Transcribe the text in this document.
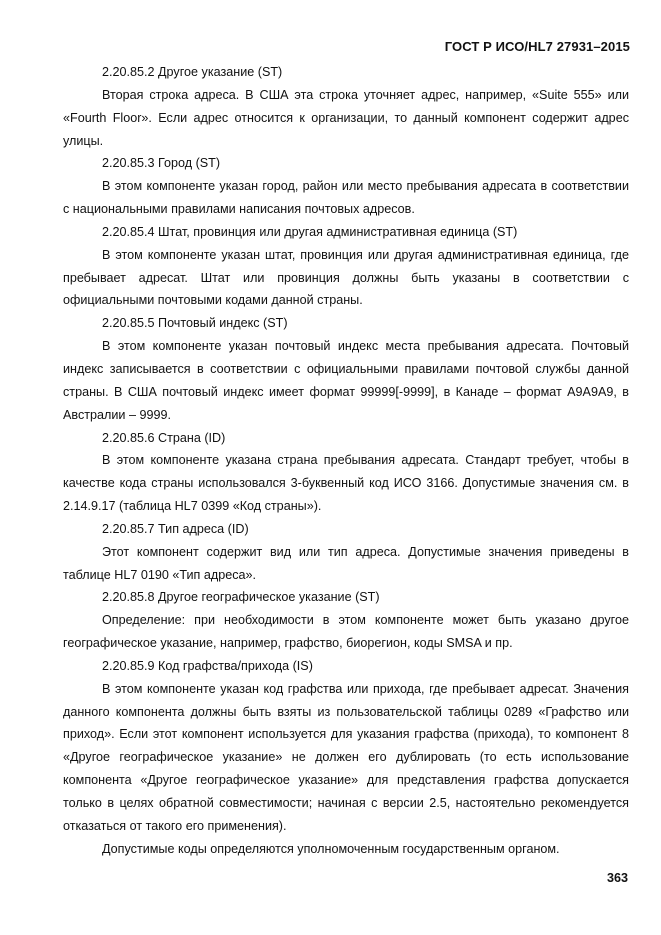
ГОСТ Р ИСО/HL7 27931–2015

2.20.85.2 Другое указание (ST)

Вторая строка адреса. В США эта строка уточняет адрес, например, «Suite 555» или «Fourth Floor». Если адрес относится к организации, то данный компонент содержит адрес улицы.

2.20.85.3 Город (ST)

В этом компоненте указан город, район или место пребывания адресата в соответствии с национальными правилами написания почтовых адресов.

2.20.85.4 Штат, провинция или другая административная единица (ST)

В этом компоненте указан штат, провинция или другая административная единица, где пребывает адресат. Штат или провинция должны быть указаны в соответствии с официальными почтовыми кодами данной страны.

2.20.85.5 Почтовый индекс (ST)

В этом компоненте указан почтовый индекс места пребывания адресата. Почтовый индекс записывается в соответствии с официальными правилами почтовой службы данной страны. В США почтовый индекс имеет формат 99999[-9999], в Канаде – формат A9A9A9, в Австралии – 9999.

2.20.85.6 Страна (ID)

В этом компоненте указана страна пребывания адресата. Стандарт требует, чтобы в качестве кода страны использовался 3-буквенный код ИСО 3166. Допустимые значения см. в 2.14.9.17 (таблица HL7 0399 «Код страны»).

2.20.85.7 Тип адреса (ID)

Этот компонент содержит вид или тип адреса. Допустимые значения приведены в таблице HL7 0190 «Тип адреса».

2.20.85.8 Другое географическое указание (ST)

Определение: при необходимости в этом компоненте может быть указано другое географическое указание, например, графство, биорегион, коды SMSA и пр.

2.20.85.9 Код графства/прихода (IS)

В этом компоненте указан код графства или прихода, где пребывает адресат. Значения данного компонента должны быть взяты из пользовательской таблицы 0289 «Графство или приход». Если этот компонент используется для указания графства (прихода), то компонент 8 «Другое географическое указание» не должен его дублировать (то есть использование компонента «Другое географическое указание» для представления графства допускается только в целях обратной совместимости; начиная с версии 2.5, настоятельно рекомендуется отказаться от такого его применения).

Допустимые коды определяются уполномоченным государственным органом.

363
